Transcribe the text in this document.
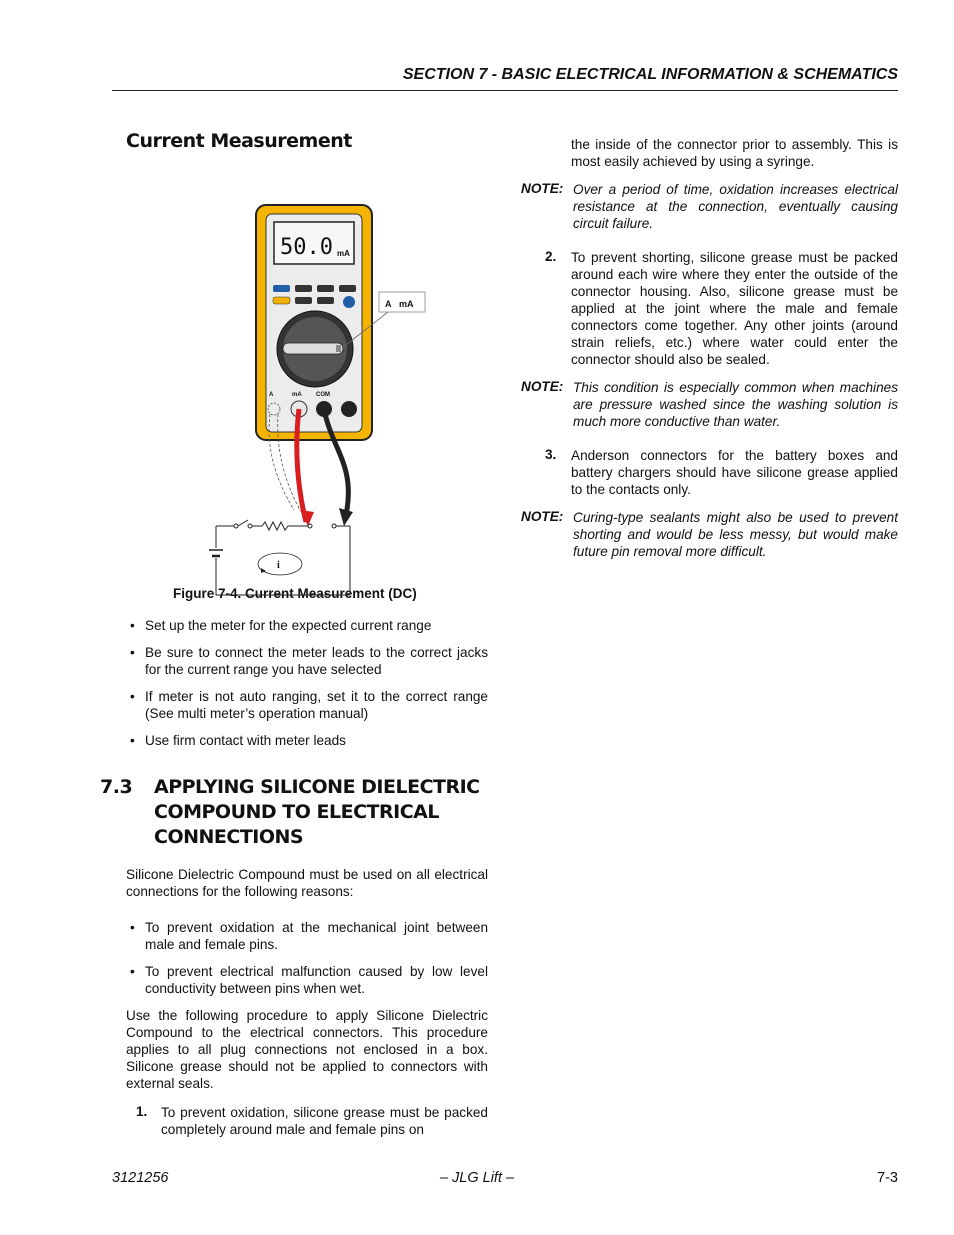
SECTION 7 - BASIC ELECTRICAL INFORMATION & SCHEMATICS
Current Measurement
50.0 mA
A mA
A	mA COM
i
Figure 7-4. Current Measurement (DC)
• Set up the meter for the expected current range
• Be sure to connect the meter leads to the correct jacks for the current range you have selected
• If meter is not auto ranging, set it to the correct range (See multi meter’s operation manual)
• Use firm contact with meter leads
7.3 APPLYING SILICONE DIELECTRIC COMPOUND TO ELECTRICAL CONNECTIONS

Silicone Dielectric Compound must be used on all electrical connections for the following reasons:

• To prevent oxidation at the mechanical joint between male and female pins.
• To prevent electrical malfunction caused by low level conductivity between pins when wet.

Use the following procedure to apply Silicone Dielectric Compound to the electrical connectors. This procedure applies to all plug connections not enclosed in a box. Silicone grease should not be applied to connectors with external seals.

1. To prevent oxidation, silicone grease must be packed completely around male and female pins on

the inside of the connector prior to assembly. This is most easily achieved by using a syringe.

NOTE: Over a period of time, oxidation increases electrical resistance at the connection, eventually causing circuit failure.

2. To prevent shorting, silicone grease must be packed around each wire where they enter the outside of the connector housing. Also, silicone grease must be applied at the joint where the male and female connectors come together. Any other joints (around strain reliefs, etc.) where water could enter the connector should also be sealed.

NOTE: This condition is especially common when machines are pressure washed since the washing solution is much more conductive than water.

3. Anderson connectors for the battery boxes and battery chargers should have silicone grease applied to the contacts only.

NOTE: Curing-type sealants might also be used to prevent shorting and would be less messy, but would make future pin removal more difficult.

3121256	– JLG Lift –	7-3
